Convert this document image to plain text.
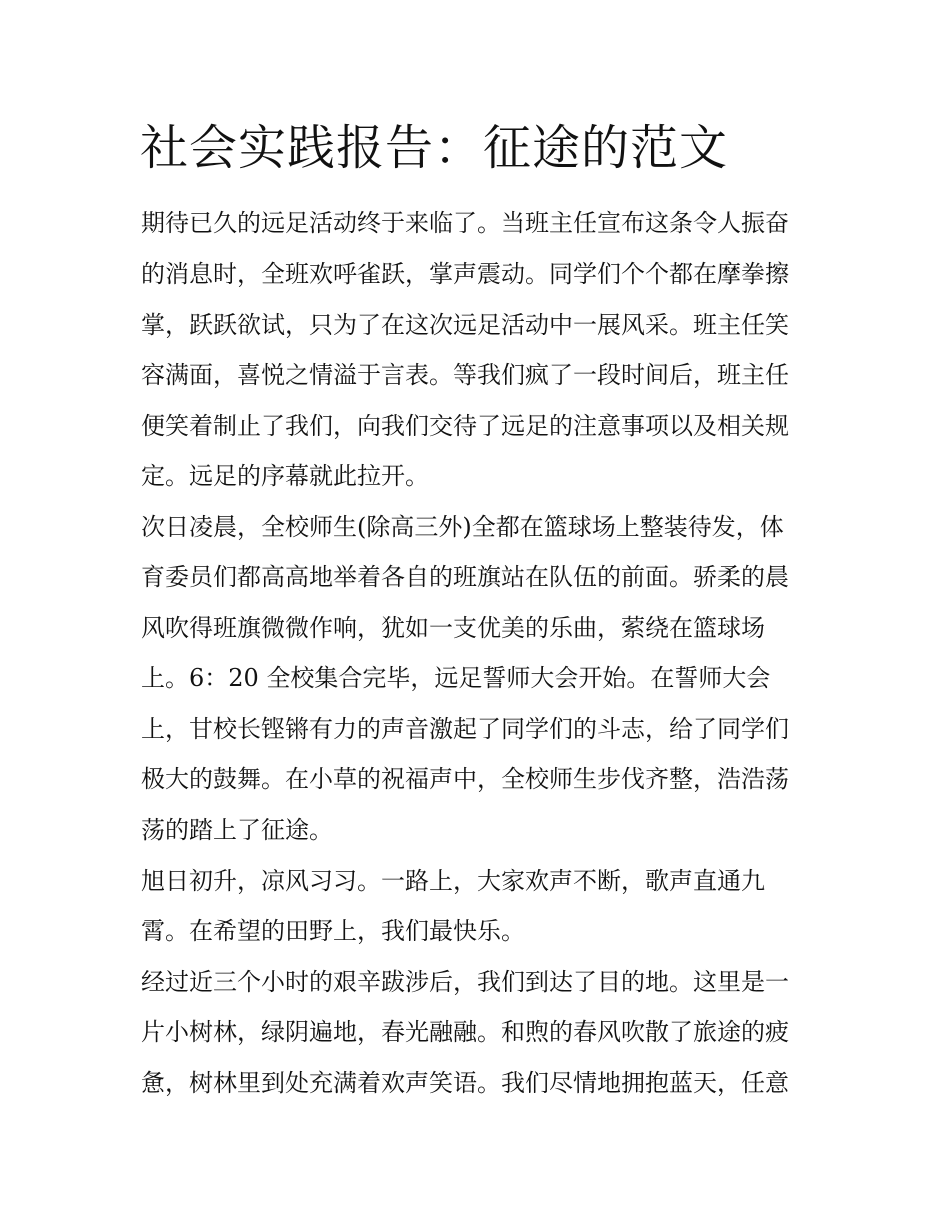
社会实践报告：征途的范文

期待已久的远足活动终于来临了。当班主任宣布这条令人振奋

的消息时，全班欢呼雀跃，掌声震动。同学们个个都在摩拳擦

掌，跃跃欲试，只为了在这次远足活动中一展风采。班主任笑

容满面，喜悦之情溢于言表。等我们疯了一段时间后，班主任

便笑着制止了我们，向我们交待了远足的注意事项以及相关规

定。远足的序幕就此拉开。

次日凌晨，全校师生(除高三外)全都在篮球场上整装待发，体

育委员们都高高地举着各自的班旗站在队伍的前面。骄柔的晨

风吹得班旗微微作响，犹如一支优美的乐曲，萦绕在篮球场

上。6：20 全校集合完毕，远足誓师大会开始。在誓师大会

上，甘校长铿锵有力的声音激起了同学们的斗志，给了同学们

极大的鼓舞。在小草的祝福声中，全校师生步伐齐整，浩浩荡

荡的踏上了征途。

旭日初升，凉风习习。一路上，大家欢声不断，歌声直通九

霄。在希望的田野上，我们最快乐。

经过近三个小时的艰辛跋涉后，我们到达了目的地。这里是一

片小树林，绿阴遍地，春光融融。和煦的春风吹散了旅途的疲

惫，树林里到处充满着欢声笑语。我们尽情地拥抱蓝天，任意
